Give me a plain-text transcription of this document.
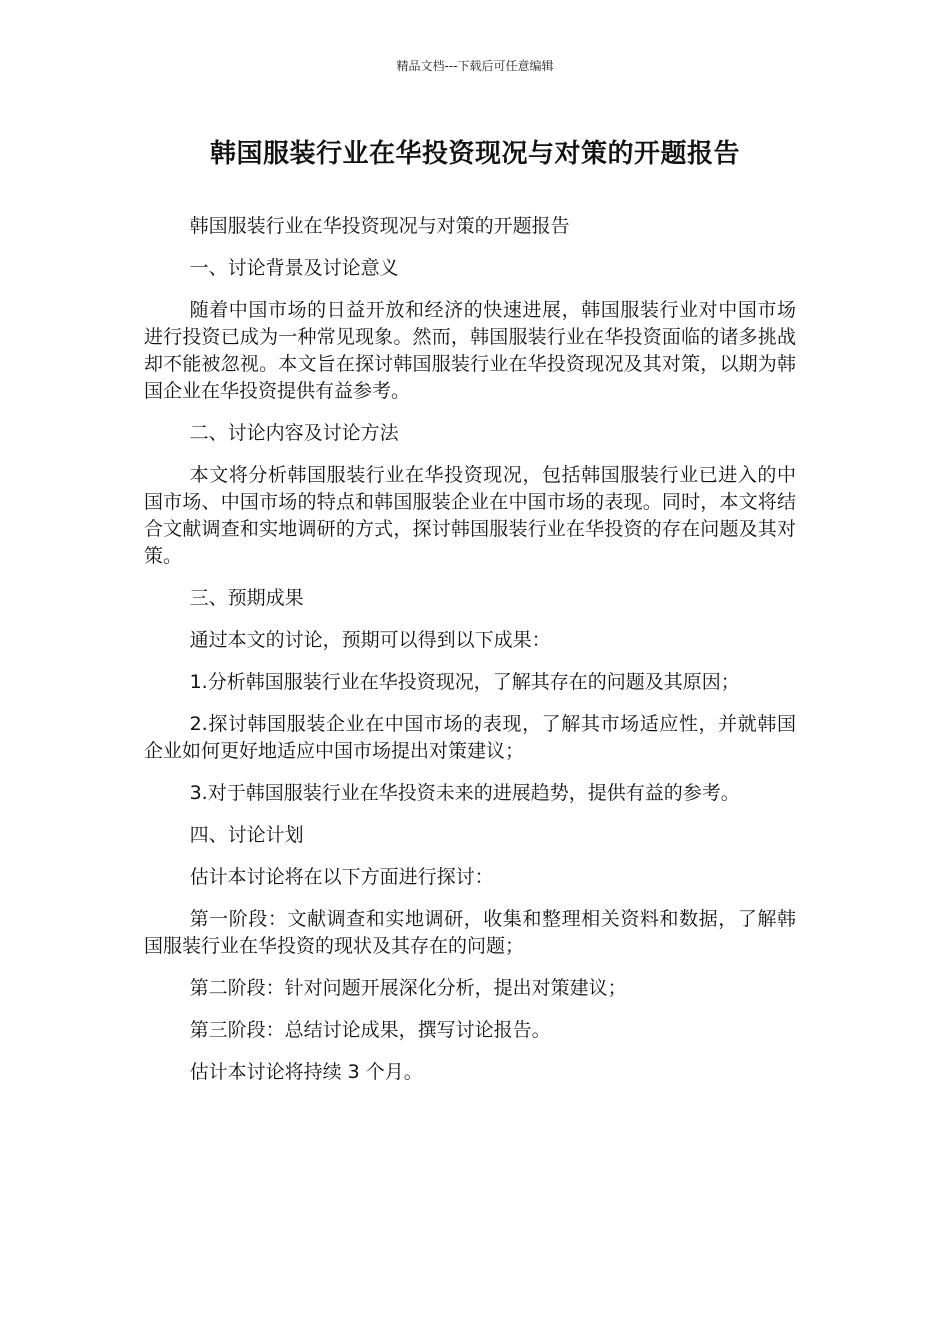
精品文档---下载后可任意编辑
韩国服装行业在华投资现况与对策的开题报告

韩国服装行业在华投资现况与对策的开题报告

一、讨论背景及讨论意义

随着中国市场的日益开放和经济的快速进展，韩国服装行业对中国市场进行投资已成为一种常见现象。然而，韩国服装行业在华投资面临的诸多挑战却不能被忽视。本文旨在探讨韩国服装行业在华投资现况及其对策，以期为韩国企业在华投资提供有益参考。

二、讨论内容及讨论方法

本文将分析韩国服装行业在华投资现况，包括韩国服装行业已进入的中国市场、中国市场的特点和韩国服装企业在中国市场的表现。同时，本文将结合文献调查和实地调研的方式，探讨韩国服装行业在华投资的存在问题及其对策。

三、预期成果

通过本文的讨论，预期可以得到以下成果：

1.分析韩国服装行业在华投资现况，了解其存在的问题及其原因；

2.探讨韩国服装企业在中国市场的表现，了解其市场适应性，并就韩国企业如何更好地适应中国市场提出对策建议；

3.对于韩国服装行业在华投资未来的进展趋势，提供有益的参考。

四、讨论计划

估计本讨论将在以下方面进行探讨：

第一阶段：文献调查和实地调研，收集和整理相关资料和数据，了解韩国服装行业在华投资的现状及其存在的问题；

第二阶段：针对问题开展深化分析，提出对策建议；

第三阶段：总结讨论成果，撰写讨论报告。

估计本讨论将持续 3 个月。
